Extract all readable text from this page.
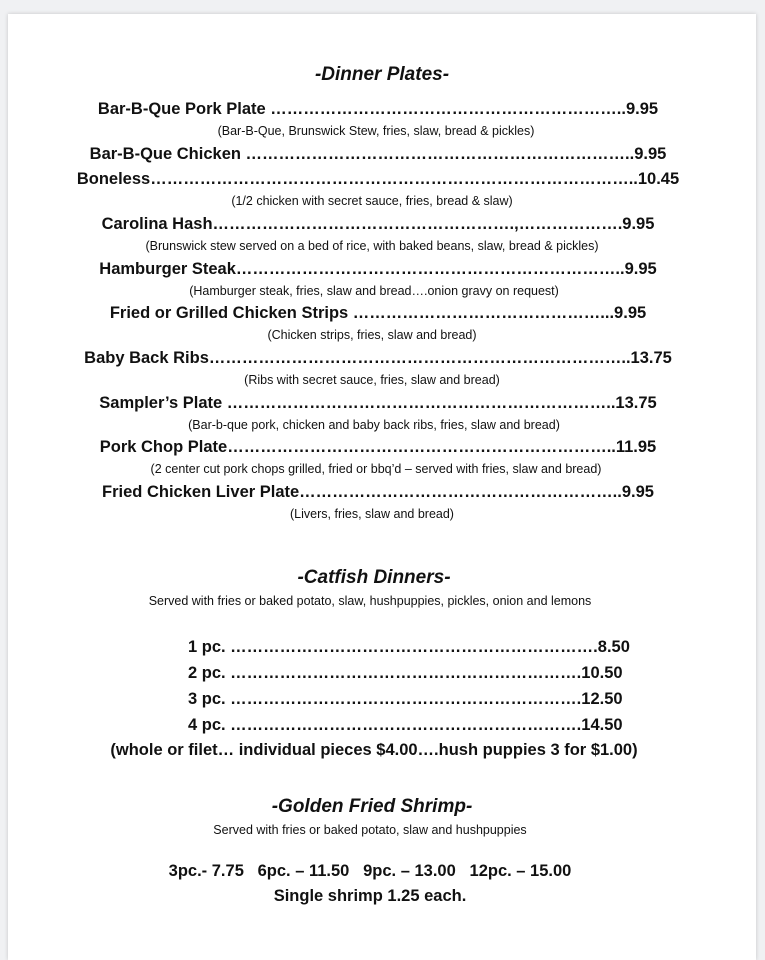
-Dinner Plates-
Bar-B-Que Pork Plate ………………………………………………………..9.95
(Bar-B-Que, Brunswick Stew, fries, slaw, bread & pickles)
Bar-B-Que Chicken ……………………………………………………………..9.95
Boneless……………………………………………………………………………..10.45
(1/2 chicken with secret sauce, fries, bread & slaw)
Carolina Hash……………………………………………….,……………….9.95
(Brunswick stew served on a bed of rice, with baked beans, slaw, bread & pickles)
Hamburger Steak……………………………………………………………..9.95
(Hamburger steak, fries, slaw and bread….onion gravy on request)
Fried or Grilled Chicken Strips ………………………………………...9.95
(Chicken strips, fries, slaw and bread)
Baby Back Ribs…………………………………………………………………..13.75
(Ribs with secret sauce, fries, slaw and bread)
Sampler’s Plate ……………………………………………………………..13.75
(Bar-b-que pork, chicken and baby back ribs, fries, slaw and bread)
Pork Chop Plate……………………………………………………………..11.95
(2 center cut pork chops grilled, fried or bbq’d – served with fries, slaw and bread)
Fried Chicken Liver Plate…………………………………………………..9.95
(Livers, fries, slaw and bread)
-Catfish Dinners-
Served with fries or baked potato, slaw, hushpuppies, pickles, onion and lemons
1 pc. ………………………………………………………….8.50
2 pc. ……………………………………………………….10.50
3 pc. ……………………………………………………….12.50
4 pc. ……………………………………………………….14.50
(whole or filet… individual pieces $4.00….hush puppies 3 for $1.00)
-Golden Fried Shrimp-
Served with fries or baked potato, slaw and hushpuppies
3pc.- 7.75   6pc. – 11.50   9pc. – 13.00   12pc. – 15.00
Single shrimp 1.25 each.
